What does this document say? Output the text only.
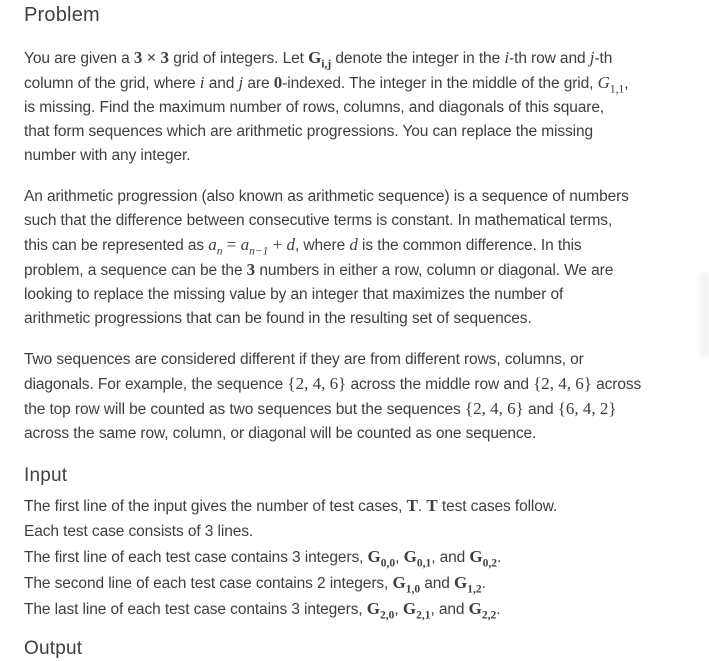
Problem
You are given a 3 × 3 grid of integers. Let $G_{i,j}$ denote the integer in the i-th row and j-th
column of the grid, where i and j are 0-indexed. The integer in the middle of the grid, $G_{1,1}$,
is missing. Find the maximum number of rows, columns, and diagonals of this square,
that form sequences which are arithmetic progressions. You can replace the missing
number with any integer.
An arithmetic progression (also known as arithmetic sequence) is a sequence of numbers
such that the difference between consecutive terms is constant. In mathematical terms,
this can be represented as $a_n = a_{n-1} + d$, where d is the common difference. In this
problem, a sequence can be the 3 numbers in either a row, column or diagonal. We are
looking to replace the missing value by an integer that maximizes the number of
arithmetic progressions that can be found in the resulting set of sequences.
Two sequences are considered different if they are from different rows, columns, or
diagonals. For example, the sequence {2, 4, 6} across the middle row and {2, 4, 6} across
the top row will be counted as two sequences but the sequences {2, 4, 6} and {6, 4, 2}
across the same row, column, or diagonal will be counted as one sequence.
Input
The first line of the input gives the number of test cases, T. T test cases follow.
Each test case consists of 3 lines.
The first line of each test case contains 3 integers, $G_{0,0}$, $G_{0,1}$, and $G_{0,2}$.
The second line of each test case contains 2 integers, $G_{1,0}$ and $G_{1,2}$.
The last line of each test case contains 3 integers, $G_{2,0}$, $G_{2,1}$, and $G_{2,2}$.
Output
